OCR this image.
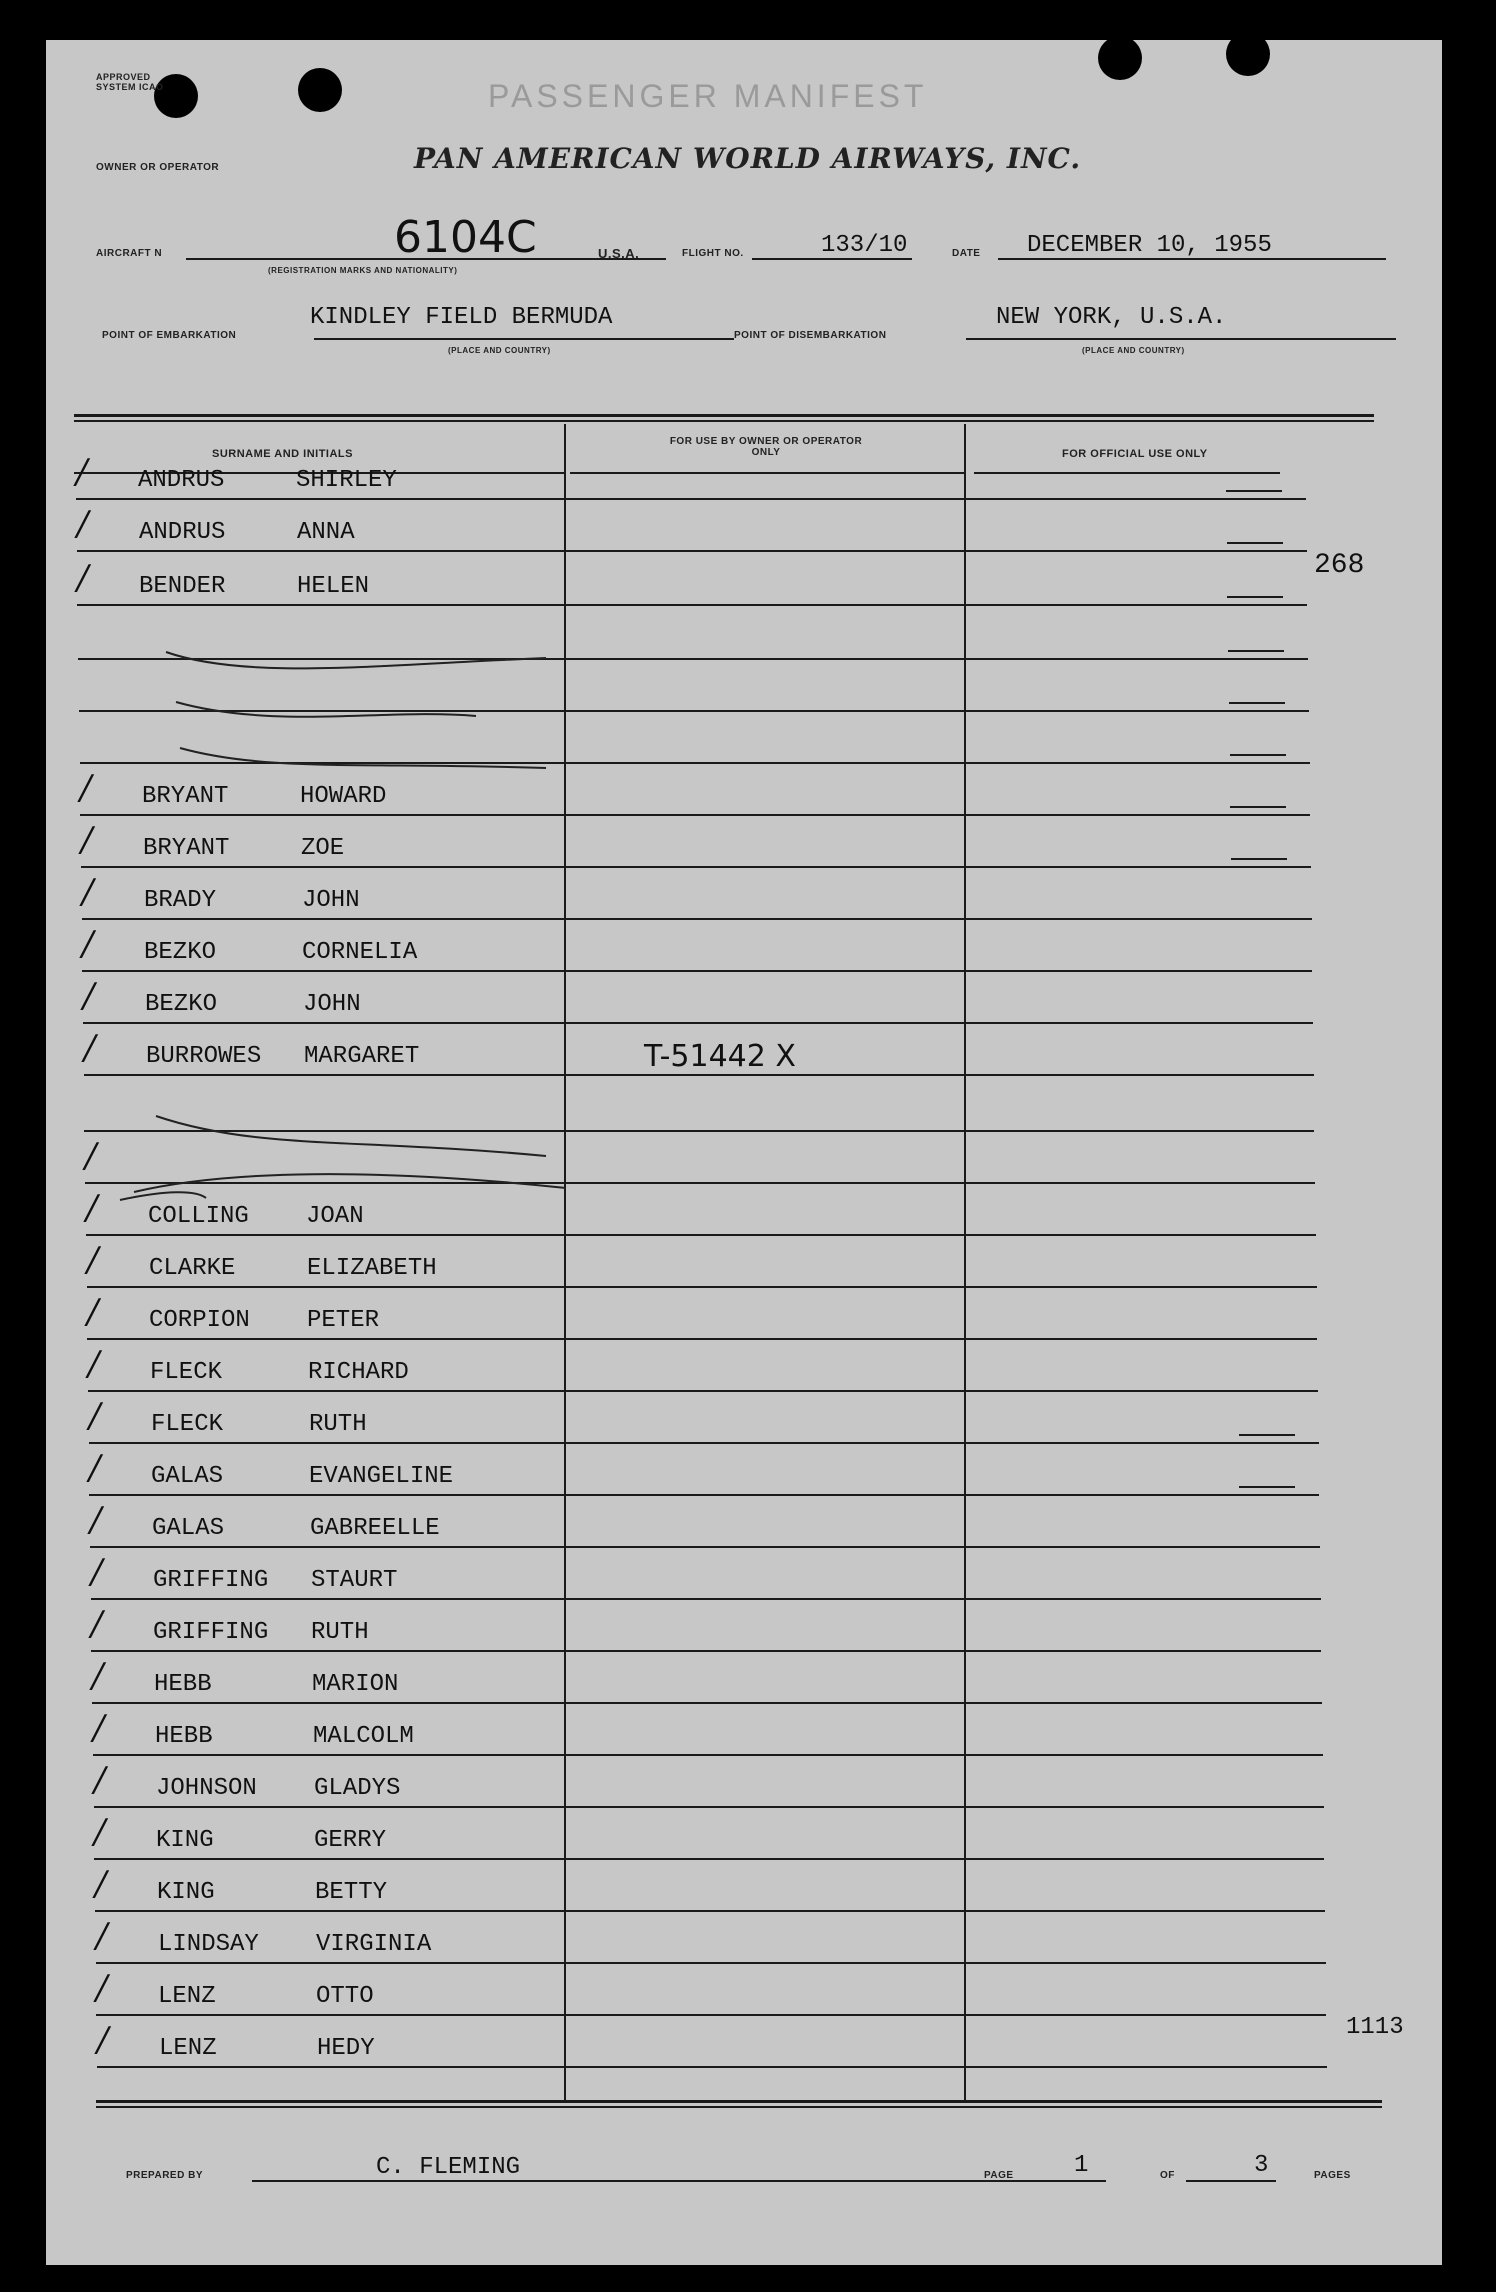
APPROVED SYSTEM ICAO	PASSENGER MANIFEST
OWNER OR OPERATOR	PAN AMERICAN WORLD AIRWAYS, INC.
AIRCRAFT N	6104C
(REGISTRATION MARKS AND NATIONALITY)
U.S.A.	FLIGHT NO.	133/10	DATE DECEMBER 10, 1955
POINT OF EMBARKATION
KINDLEY FIELD BERMUDA
(PLACE AND COUNTRY)
POINT OF DISEMBARKATION
NEW YORK, U.S.A.
(PLACE AND COUNTRY)
SURNAME AND INITIALS
FOR USE BY OWNER OR OPERATOR ONLY	FOR OFFICIAL USE ONLY
268
1113
/ ANDRUS	SHIRLEY
/ ANDRUS	ANNA
/ BENDER	HELEN
/ BRYANT	HOWARD
/ BRYANT	ZOE
/ BRADY	JOHN
/ BEZKO	CORNELIA
/ BEZKO	JOHN
/ BURROWES MARGARET	T-51442 X
/
/ COLLING JOAN
/ CLARKE	ELIZABETH
/ CORPION PETER
/ FLECK	RICHARD
/ FLECK	RUTH
/ GALAS	EVANGELINE
/ GALAS	GABREELLE
/ GRIFFING STAURT
/ GRIFFING RUTH
/ HEBB	MARION
/ HEBB	MALCOLM
/ JOHNSON GLADYS
/ KING	GERRY
/ KING	BETTY
/ LINDSAY VIRGINIA
/ LENZ	OTTO
/ LENZ	HEDY
PREPARED BY	C. FLEMING	PAGE	1	OF	3	PAGES
